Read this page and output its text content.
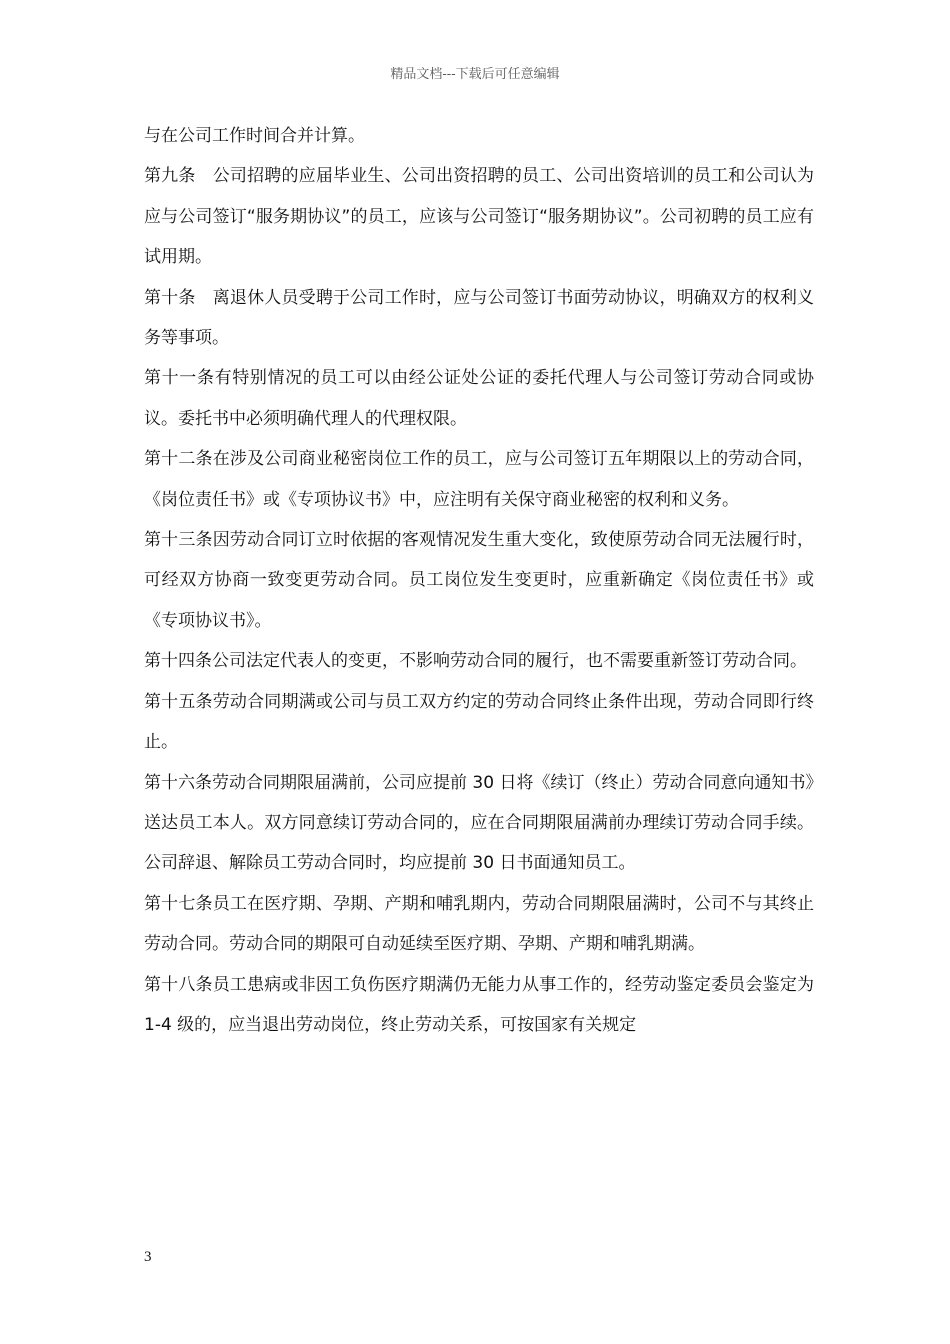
精品文档---下载后可任意编辑

与在公司工作时间合并计算。

第九条　公司招聘的应届毕业生、公司出资招聘的员工、公司出资培训的员工和公司认为应与公司签订“服务期协议”的员工，应该与公司签订“服务期协议”。公司初聘的员工应有试用期。

第十条　离退休人员受聘于公司工作时，应与公司签订书面劳动协议，明确双方的权利义务等事项。

第十一条有特别情况的员工可以由经公证处公证的委托代理人与公司签订劳动合同或协议。委托书中必须明确代理人的代理权限。

第十二条在涉及公司商业秘密岗位工作的员工，应与公司签订五年期限以上的劳动合同，《岗位责任书》或《专项协议书》中，应注明有关保守商业秘密的权利和义务。

第十三条因劳动合同订立时依据的客观情况发生重大变化，致使原劳动合同无法履行时，可经双方协商一致变更劳动合同。员工岗位发生变更时，应重新确定《岗位责任书》或《专项协议书》。

第十四条公司法定代表人的变更，不影响劳动合同的履行，也不需要重新签订劳动合同。

第十五条劳动合同期满或公司与员工双方约定的劳动合同终止条件出现，劳动合同即行终止。

第十六条劳动合同期限届满前，公司应提前 30 日将《续订（终止）劳动合同意向通知书》送达员工本人。双方同意续订劳动合同的，应在合同期限届满前办理续订劳动合同手续。公司辞退、解除员工劳动合同时，均应提前 30 日书面通知员工。

第十七条员工在医疗期、孕期、产期和哺乳期内，劳动合同期限届满时，公司不与其终止劳动合同。劳动合同的期限可自动延续至医疗期、孕期、产期和哺乳期满。

第十八条员工患病或非因工负伤医疗期满仍无能力从事工作的，经劳动鉴定委员会鉴定为 1-4 级的，应当退出劳动岗位，终止劳动关系，可按国家有关规定

3
